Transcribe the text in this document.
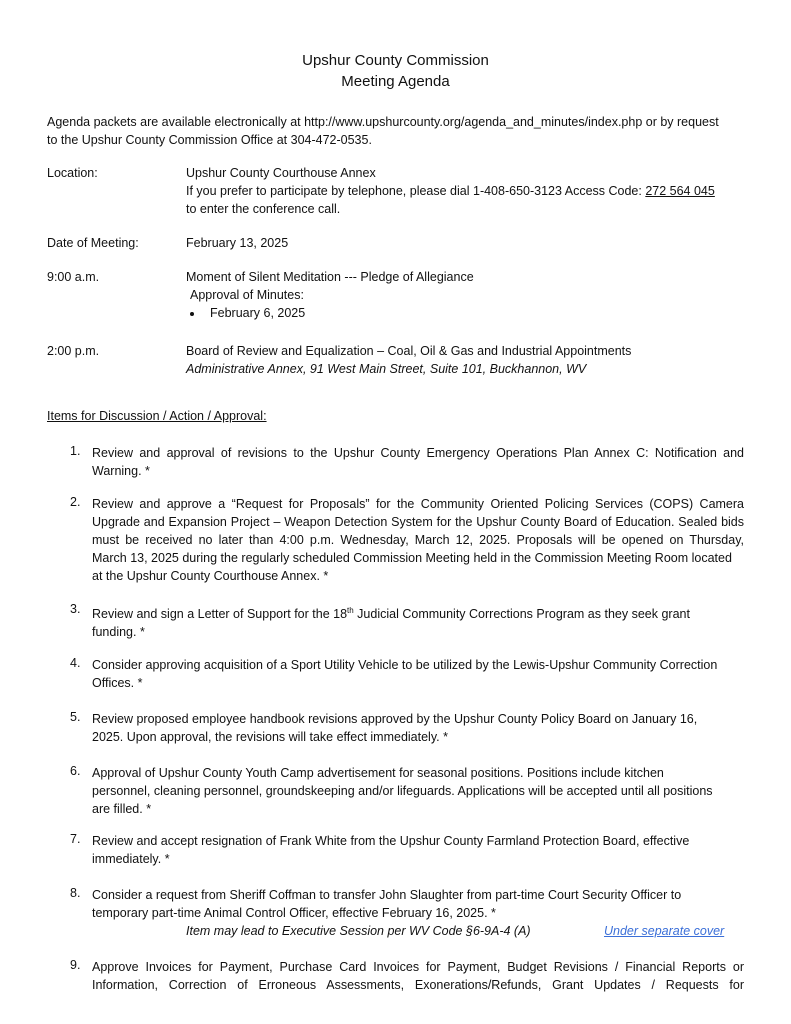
Upshur County Commission
Meeting Agenda
Agenda packets are available electronically at http://www.upshurcounty.org/agenda_and_minutes/index.php or by request
to the Upshur County Commission Office at 304-472-0535.
Location:	Upshur County Courthouse Annex
If you prefer to participate by telephone, please dial 1-408-650-3123 Access Code: 272 564 045
to enter the conference call.
Date of Meeting:	February 13, 2025
9:00 a.m.	Moment of Silent Meditation --- Pledge of Allegiance
Approval of Minutes:
February 6, 2025
2:00 p.m.	Board of Review and Equalization – Coal, Oil & Gas and Industrial Appointments
Administrative Annex, 91 West Main Street, Suite 101, Buckhannon, WV
Items for Discussion / Action / Approval:
1. Review and approval of revisions to the Upshur County Emergency Operations Plan Annex C: Notification and
Warning. *
2. Review and approve a “Request for Proposals” for the Community Oriented Policing Services (COPS) Camera
Upgrade and Expansion Project – Weapon Detection System for the Upshur County Board of Education. Sealed bids
must be received no later than 4:00 p.m. Wednesday, March 12, 2025. Proposals will be opened on Thursday,
March 13, 2025 during the regularly scheduled Commission Meeting held in the Commission Meeting Room located
at the Upshur County Courthouse Annex. *
3. Review and sign a Letter of Support for the 18th Judicial Community Corrections Program as they seek grant
funding. *
4. Consider approving acquisition of a Sport Utility Vehicle to be utilized by the Lewis-Upshur Community Correction
Offices. *
5. Review proposed employee handbook revisions approved by the Upshur County Policy Board on January 16,
2025. Upon approval, the revisions will take effect immediately. *
6. Approval of Upshur County Youth Camp advertisement for seasonal positions. Positions include kitchen
personnel, cleaning personnel, groundskeeping and/or lifeguards. Applications will be accepted until all positions
are filled. *
7. Review and accept resignation of Frank White from the Upshur County Farmland Protection Board, effective
immediately. *
8. Consider a request from Sheriff Coffman to transfer John Slaughter from part-time Court Security Officer to
temporary part-time Animal Control Officer, effective February 16, 2025. *
Item may lead to Executive Session per WV Code §6-9A-4 (A)	Under separate cover
9. Approve Invoices for Payment, Purchase Card Invoices for Payment, Budget Revisions / Financial Reports or
Information, Correction of Erroneous Assessments, Exonerations/Refunds, Grant Updates / Requests for
